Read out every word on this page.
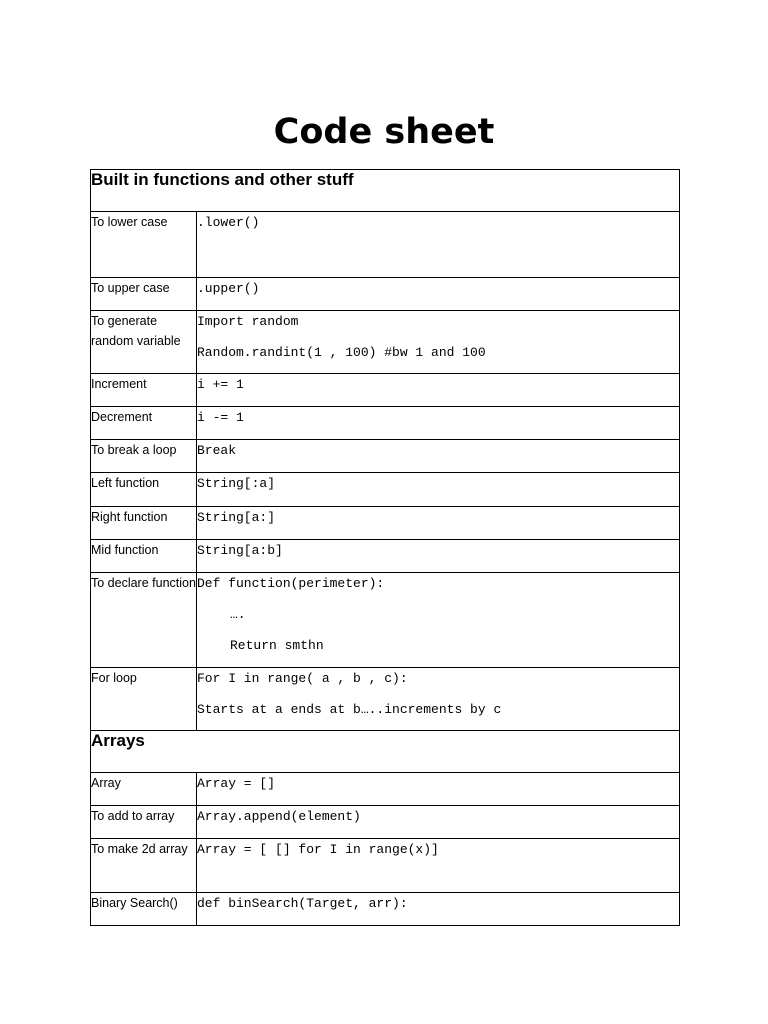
Code sheet
Built in functions and other stuff	
To lower case	.lower()

To upper case	.upper()

To generate random variable	Import random
Random.randint(1 , 100) #bw 1 and 100

Increment	i += 1

Decrement	i -= 1

To break a loop	Break

Left function	String[:a]

Right function	String[a:]

Mid function	String[a:b]

To declare function	Def function(perimeter):
….
Return smthn

For loop	For I in range( a , b , c):
Starts at a ends at b…..increments by c

Arrays	
Array	Array = []

To add to array	Array.append(element)

To make 2d array	Array = [ [] for I in range(x)]

Binary Search()	def binSearch(Target, arr):
